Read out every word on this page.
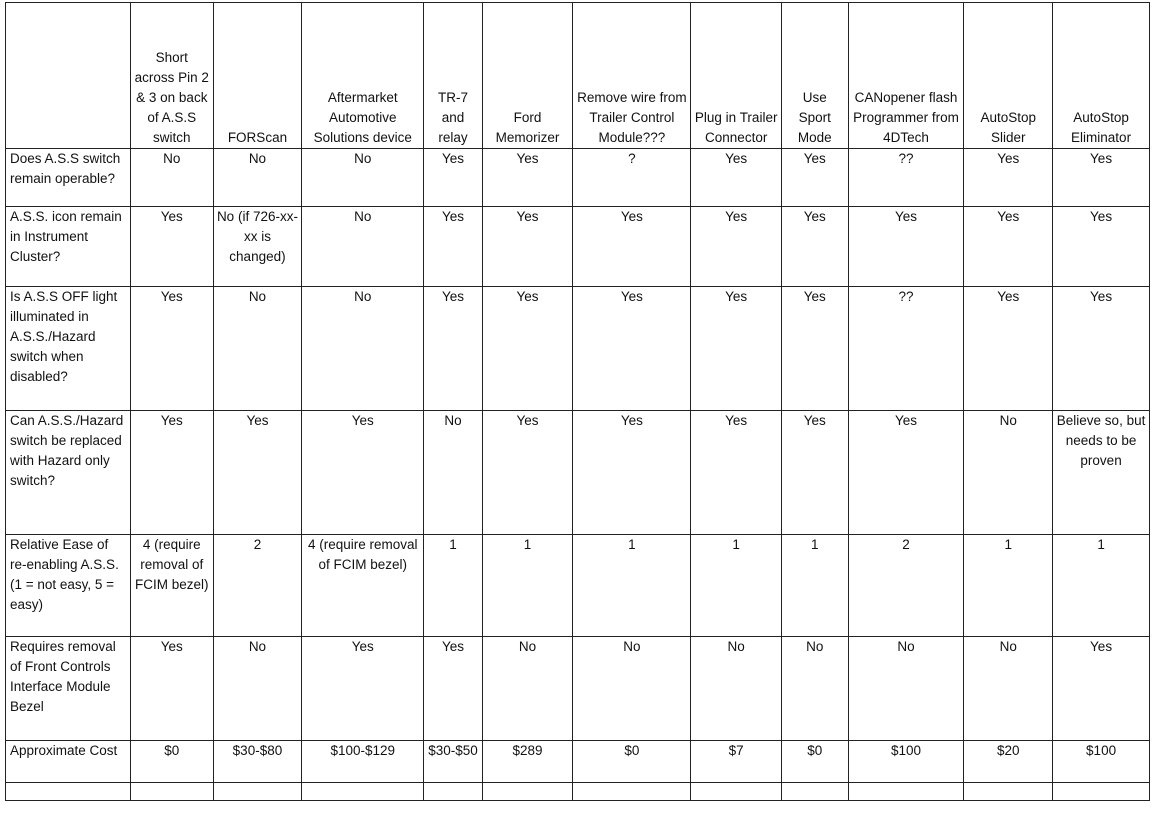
	Short across Pin 2 & 3 on back of A.S.S switch	FORScan	Aftermarket Automotive Solutions device	TR-7 and relay	Ford Memorizer	Remove wire from Trailer Control Module???	Plug in Trailer Connector	Use Sport Mode	CANopener flash Programmer from 4DTech	AutoStop Slider	AutoStop Eliminator
Does A.S.S switch remain operable?	No	No	No	Yes	Yes	?	Yes	Yes	??	Yes	Yes
A.S.S. icon remain in Instrument Cluster?	Yes	No (if 726-xx-xx is changed)	No	Yes	Yes	Yes	Yes	Yes	Yes	Yes	Yes
Is A.S.S OFF light illuminated in A.S.S./Hazard switch when disabled?	Yes	No	No	Yes	Yes	Yes	Yes	Yes	??	Yes	Yes
Can A.S.S./Hazard switch be replaced with Hazard only switch?	Yes	Yes	Yes	No	Yes	Yes	Yes	Yes	Yes	No	Believe so, but needs to be proven
Relative Ease of re-enabling A.S.S. (1 = not easy, 5 = easy)	4 (require removal of FCIM bezel)	2	4 (require removal of FCIM bezel)	1	1	1	1	1	2	1	1
Requires removal of Front Controls Interface Module Bezel	Yes	No	Yes	Yes	No	No	No	No	No	No	Yes
Approximate Cost	$0	$30-$80	$100-$129	$30-$50	$289	$0	$7	$0	$100	$20	$100
